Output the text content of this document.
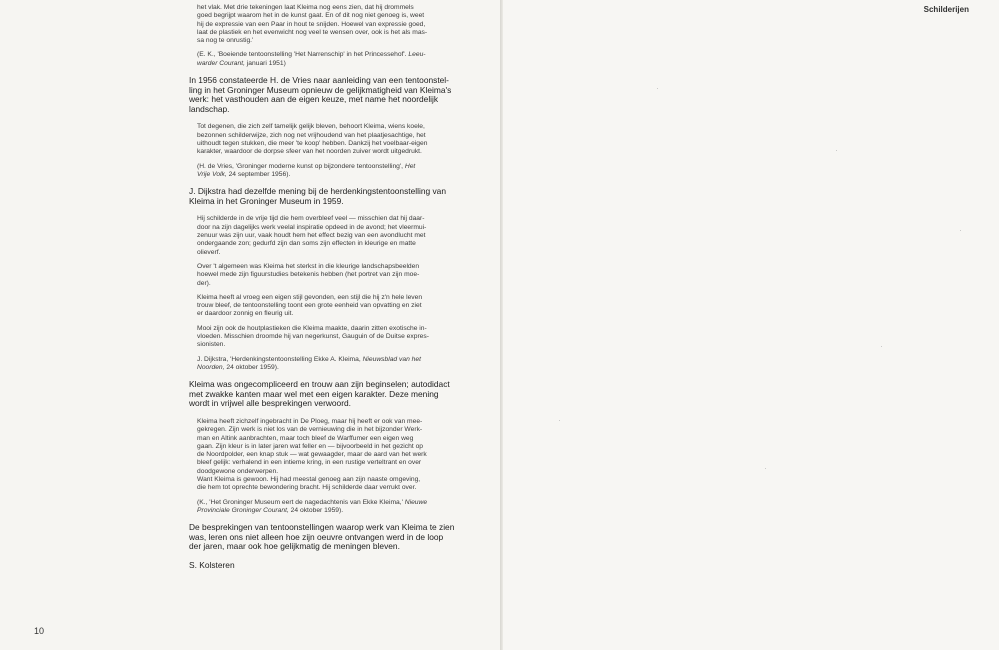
het vlak. Met drie tekeningen laat Kleima nog eens zien, dat hij drommels
goed begrijpt waarom het in de kunst gaat. En of dit nog niet genoeg is, weet
hij de expressie van een Paar in hout te snijden. Hoewel van expressie goed,
laat de plastiek en het evenwicht nog veel te wensen over, ook is het als mas-
sa nog te onrustig.'

(E. K., 'Boeiende tentoonstelling 'Het Narrenschip' in het Princessehof'. Leeu-
warder Courant, januari 1951)

In 1956 constateerde H. de Vries naar aanleiding van een tentoonstel-
ling in het Groninger Museum opnieuw de gelijkmatigheid van Kleima's
werk: het vasthouden aan de eigen keuze, met name het noordelijk
landschap.

Tot degenen, die zich zelf tamelijk gelijk bleven, behoort Kleima, wiens koele,
bezonnen schilderwijze, zich nog net vrijhoudend van het plaatjesachtige, het
uithoudt tegen stukken, die meer 'te koop' hebben. Dankzij het voelbaar-eigen
karakter, waardoor de dorpse sfeer van het noorden zuiver wordt uitgedrukt.

(H. de Vries, 'Groninger moderne kunst op bijzondere tentoonstelling', Het
Vrije Volk, 24 september 1956).

J. Dijkstra had dezelfde mening bij de herdenkingstentoonstelling van
Kleima in het Groninger Museum in 1959.

Hij schilderde in de vrije tijd die hem overbleef veel — misschien dat hij daar-
door na zijn dagelijks werk veelal inspiratie opdeed in de avond; het vleermui-
zenuur was zijn uur, vaak houdt hem het effect bezig van een avondlucht met
ondergaande zon; gedurfd zijn dan soms zijn effecten in kleurige en matte
olieverf.

Over 't algemeen was Kleima het sterkst in die kleurige landschapsbeelden
hoewel mede zijn figuurstudies betekenis hebben (het portret van zijn moe-
der).

Kleima heeft al vroeg een eigen stijl gevonden, een stijl die hij z'n hele leven
trouw bleef, de tentoonstelling toont een grote eenheid van opvatting en ziet
er daardoor zonnig en fleurig uit.

Mooi zijn ook de houtplastieken die Kleima maakte, daarin zitten exotische in-
vloeden. Misschien droomde hij van negerkunst, Gauguin of de Duitse expres-
sionisten.

J. Dijkstra, 'Herdenkingstentoonstelling Ekke A. Kleima, Nieuwsblad van het
Noorden, 24 oktober 1959).

Kleima was ongecompliceerd en trouw aan zijn beginselen; autodidact
met zwakke kanten maar wel met een eigen karakter. Deze mening
wordt in vrijwel alle besprekingen verwoord.

Kleima heeft zichzelf ingebracht in De Ploeg, maar hij heeft er ook van mee-
gekregen. Zijn werk is niet los van de vernieuwing die in het bijzonder Werk-
man en Altink aanbrachten, maar toch bleef de Warffumer een eigen weg
gaan. Zijn kleur is in later jaren wat feller en — bijvoorbeeld in het gezicht op
de Noordpolder, een knap stuk — wat gewaagder, maar de aard van het werk
bleef gelijk: verhalend in een intieme kring, in een rustige verteltrant en over
doodgewone onderwerpen.
Want Kleima is gewoon. Hij had meestal genoeg aan zijn naaste omgeving,
die hem tot oprechte bewondering bracht. Hij schilderde daar verrukt over.

(K., 'Het Groninger Museum eert de nagedachtenis van Ekke Kleima,' Nieuwe
Provinciale Groninger Courant, 24 oktober 1959).

De besprekingen van tentoonstellingen waarop werk van Kleima te zien
was, leren ons niet alleen hoe zijn oeuvre ontvangen werd in de loop
der jaren, maar ook hoe gelijkmatig de meningen bleven.

S. Kolsteren

10
Schilderijen
